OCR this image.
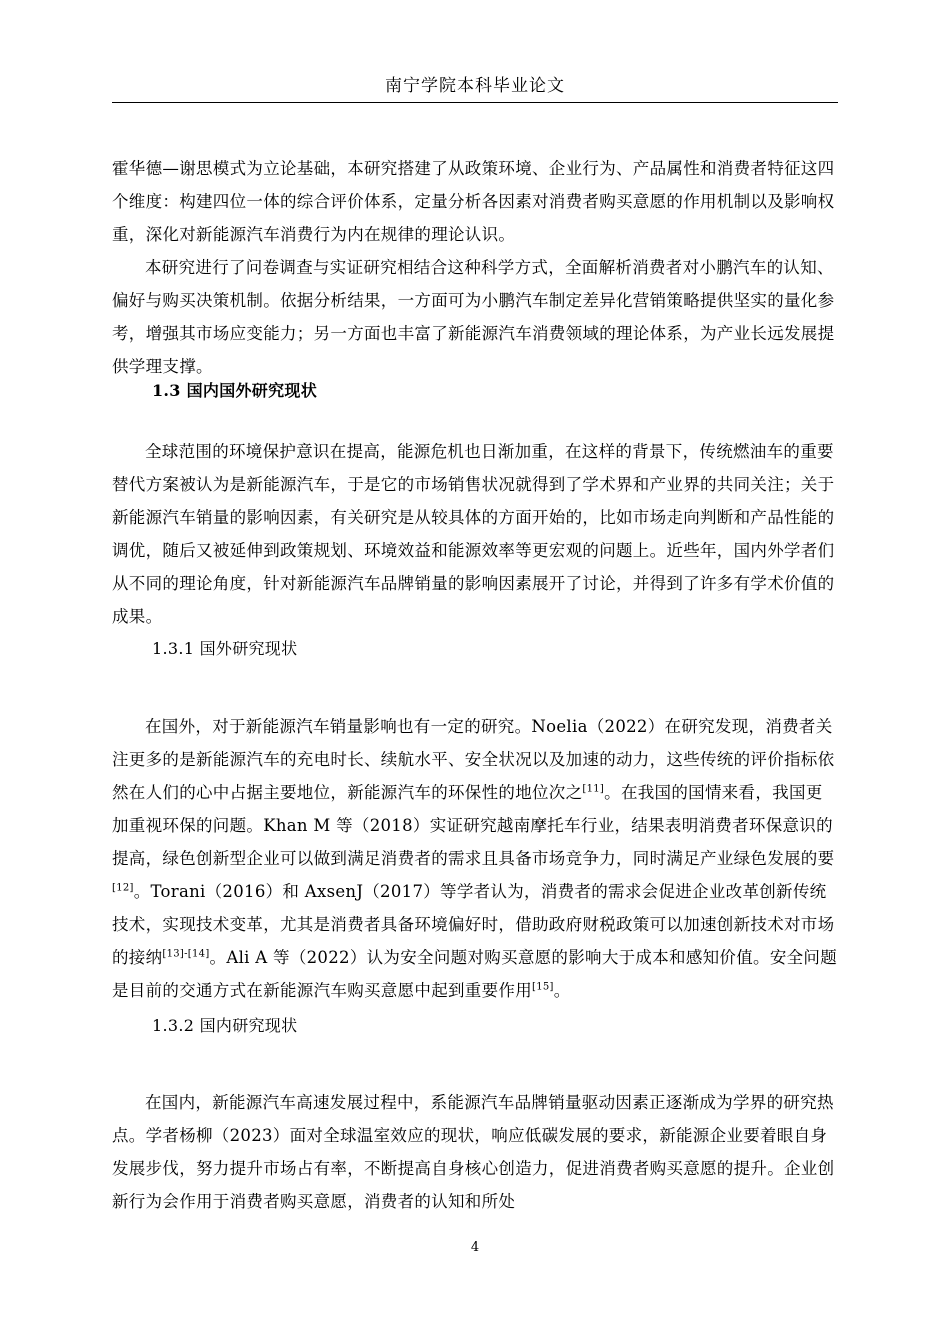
南宁学院本科毕业论文

霍华德—谢思模式为立论基础，本研究搭建了从政策环境、企业行为、产品属性和消费者特征这四个维度：构建四位一体的综合评价体系，定量分析各因素对消费者购买意愿的作用机制以及影响权重，深化对新能源汽车消费行为内在规律的理论认识。

本研究进行了问卷调查与实证研究相结合这种科学方式，全面解析消费者对小鹏汽车的认知、偏好与购买决策机制。依据分析结果，一方面可为小鹏汽车制定差异化营销策略提供坚实的量化参考，增强其市场应变能力；另一方面也丰富了新能源汽车消费领域的理论体系，为产业长远发展提供学理支撑。

1.3 国内国外研究现状

全球范围的环境保护意识在提高，能源危机也日渐加重，在这样的背景下，传统燃油车的重要替代方案被认为是新能源汽车，于是它的市场销售状况就得到了学术界和产业界的共同关注；关于新能源汽车销量的影响因素，有关研究是从较具体的方面开始的，比如市场走向判断和产品性能的调优，随后又被延伸到政策规划、环境效益和能源效率等更宏观的问题上。近些年，国内外学者们从不同的理论角度，针对新能源汽车品牌销量的影响因素展开了讨论，并得到了许多有学术价值的成果。

1.3.1 国外研究现状

在国外，对于新能源汽车销量影响也有一定的研究。Noelia（2022）在研究发现，消费者关注更多的是新能源汽车的充电时长、续航水平、安全状况以及加速的动力，这些传统的评价指标依然在人们的心中占据主要地位，新能源汽车的环保性的地位次之[11]。在我国的国情来看，我国更加重视环保的问题。Khan M 等（2018）实证研究越南摩托车行业，结果表明消费者环保意识的提高，绿色创新型企业可以做到满足消费者的需求且具备市场竞争力，同时满足产业绿色发展的要[12]。Torani（2016）和 AxsenJ（2017）等学者认为，消费者的需求会促进企业改革创新传统技术，实现技术变革，尤其是消费者具备环境偏好时，借助政府财税政策可以加速创新技术对市场的接纳[13]-[14]。Ali A 等（2022）认为安全问题对购买意愿的影响大于成本和感知价值。安全问题是目前的交通方式在新能源汽车购买意愿中起到重要作用[15]。

1.3.2 国内研究现状

在国内，新能源汽车高速发展过程中，系能源汽车品牌销量驱动因素正逐渐成为学界的研究热点。学者杨柳（2023）面对全球温室效应的现状，响应低碳发展的要求，新能源企业要着眼自身发展步伐，努力提升市场占有率，不断提高自身核心创造力，促进消费者购买意愿的提升。企业创新行为会作用于消费者购买意愿，消费者的认知和所处

4
